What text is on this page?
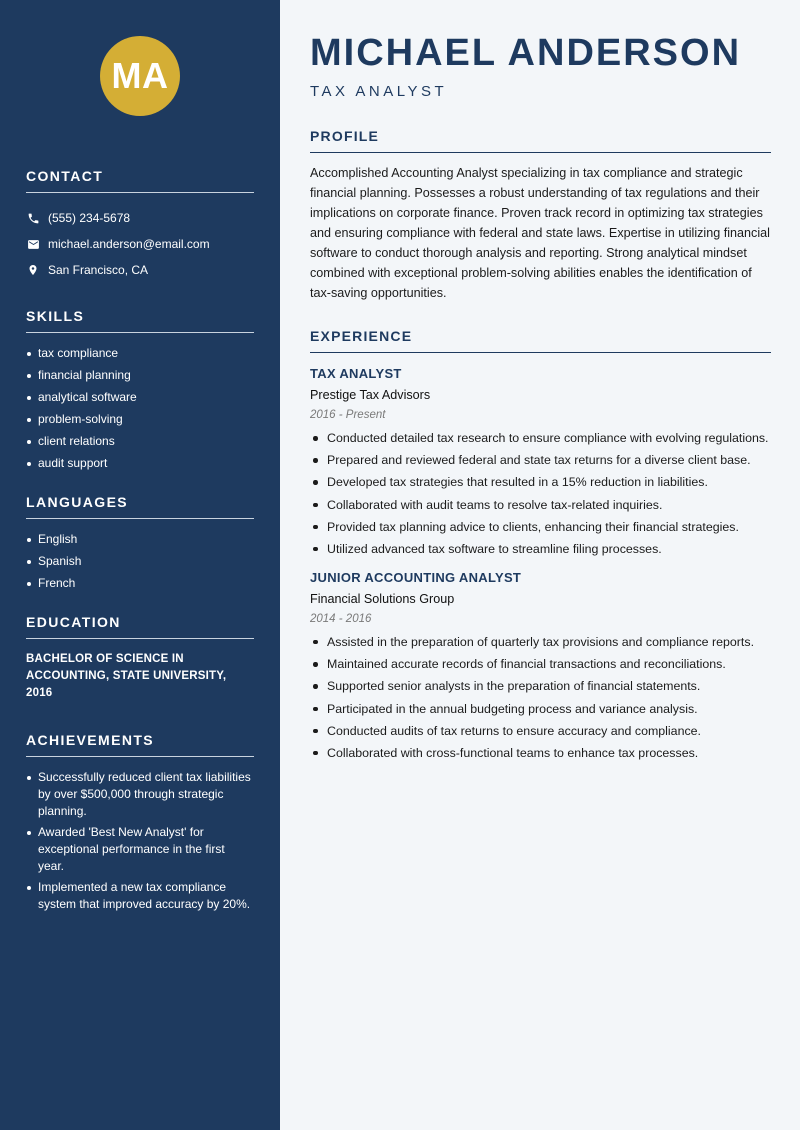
MA
CONTACT
(555) 234-5678
michael.anderson@email.com
San Francisco, CA
SKILLS
tax compliance
financial planning
analytical software
problem-solving
client relations
audit support
LANGUAGES
English
Spanish
French
EDUCATION
BACHELOR OF SCIENCE IN ACCOUNTING, STATE UNIVERSITY, 2016
ACHIEVEMENTS
Successfully reduced client tax liabilities by over $500,000 through strategic planning.
Awarded 'Best New Analyst' for exceptional performance in the first year.
Implemented a new tax compliance system that improved accuracy by 20%.
MICHAEL ANDERSON
TAX ANALYST
PROFILE
Accomplished Accounting Analyst specializing in tax compliance and strategic financial planning. Possesses a robust understanding of tax regulations and their implications on corporate finance. Proven track record in optimizing tax strategies and ensuring compliance with federal and state laws. Expertise in utilizing financial software to conduct thorough analysis and reporting. Strong analytical mindset combined with exceptional problem-solving abilities enables the identification of tax-saving opportunities.
EXPERIENCE
TAX ANALYST
Prestige Tax Advisors
2016 - Present
Conducted detailed tax research to ensure compliance with evolving regulations.
Prepared and reviewed federal and state tax returns for a diverse client base.
Developed tax strategies that resulted in a 15% reduction in liabilities.
Collaborated with audit teams to resolve tax-related inquiries.
Provided tax planning advice to clients, enhancing their financial strategies.
Utilized advanced tax software to streamline filing processes.
JUNIOR ACCOUNTING ANALYST
Financial Solutions Group
2014 - 2016
Assisted in the preparation of quarterly tax provisions and compliance reports.
Maintained accurate records of financial transactions and reconciliations.
Supported senior analysts in the preparation of financial statements.
Participated in the annual budgeting process and variance analysis.
Conducted audits of tax returns to ensure accuracy and compliance.
Collaborated with cross-functional teams to enhance tax processes.
